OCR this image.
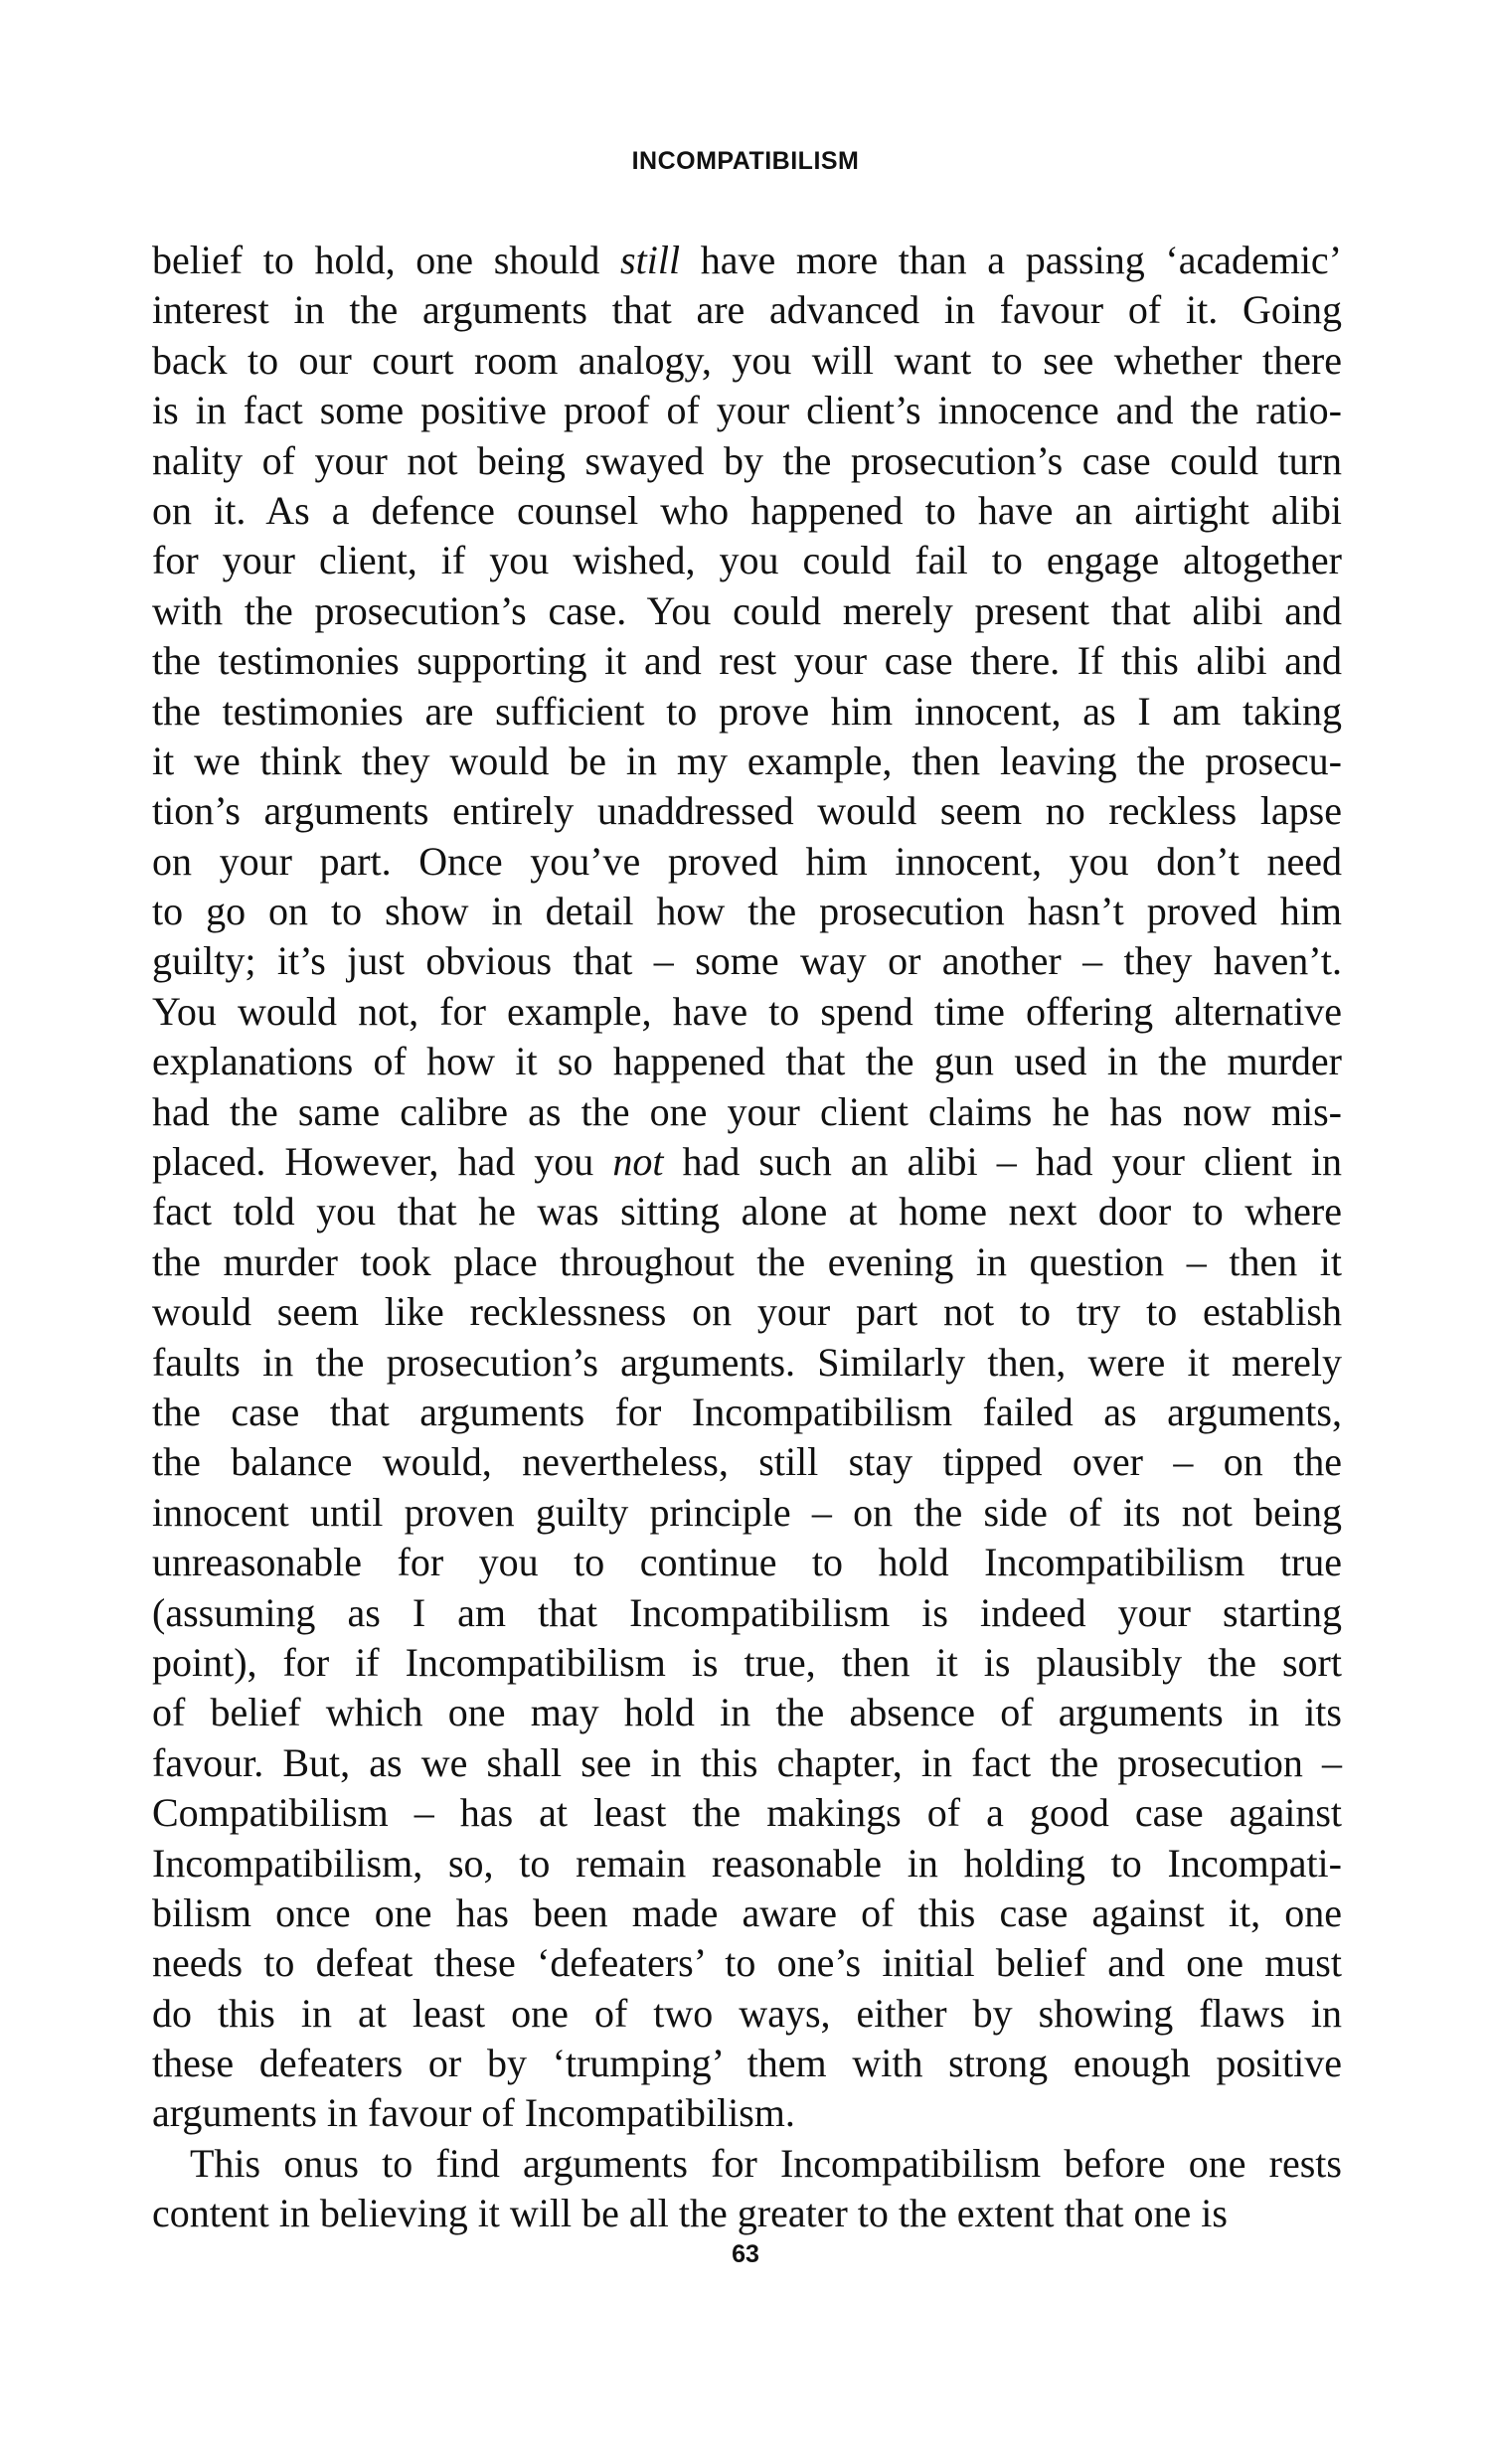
INCOMPATIBILISM
belief to hold, one should still have more than a passing ‘academic’
interest in the arguments that are advanced in favour of it. Going
back to our court room analogy, you will want to see whether there
is in fact some positive proof of your client’s innocence and the ratio-
nality of your not being swayed by the prosecution’s case could turn
on it. As a defence counsel who happened to have an airtight alibi
for your client, if you wished, you could fail to engage altogether
with the prosecution’s case. You could merely present that alibi and
the testimonies supporting it and rest your case there. If this alibi and
the testimonies are sufficient to prove him innocent, as I am taking
it we think they would be in my example, then leaving the prosecu-
tion’s arguments entirely unaddressed would seem no reckless lapse
on your part. Once you’ve proved him innocent, you don’t need
to go on to show in detail how the prosecution hasn’t proved him
guilty; it’s just obvious that – some way or another – they haven’t.
You would not, for example, have to spend time offering alternative
explanations of how it so happened that the gun used in the murder
had the same calibre as the one your client claims he has now mis-
placed. However, had you not had such an alibi – had your client in
fact told you that he was sitting alone at home next door to where
the murder took place throughout the evening in question – then it
would seem like recklessness on your part not to try to establish
faults in the prosecution’s arguments. Similarly then, were it merely
the case that arguments for Incompatibilism failed as arguments,
the balance would, nevertheless, still stay tipped over – on the
innocent until proven guilty principle – on the side of its not being
unreasonable for you to continue to hold Incompatibilism true
(assuming as I am that Incompatibilism is indeed your starting
point), for if Incompatibilism is true, then it is plausibly the sort
of belief which one may hold in the absence of arguments in its
favour. But, as we shall see in this chapter, in fact the prosecution –
Compatibilism – has at least the makings of a good case against
Incompatibilism, so, to remain reasonable in holding to Incompati-
bilism once one has been made aware of this case against it, one
needs to defeat these ‘defeaters’ to one’s initial belief and one must
do this in at least one of two ways, either by showing flaws in
these defeaters or by ‘trumping’ them with strong enough positive
arguments in favour of Incompatibilism.
This onus to find arguments for Incompatibilism before one rests
content in believing it will be all the greater to the extent that one is
63
